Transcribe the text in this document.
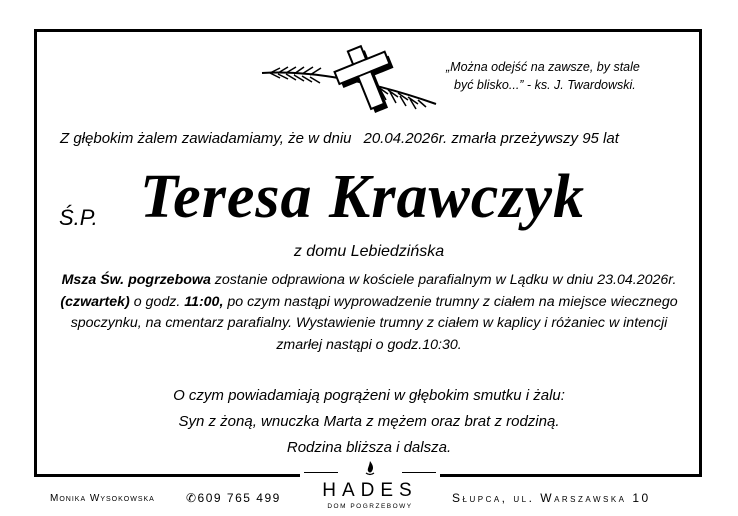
„Można odejść na zawsze, by stale
być blisko...” - ks. J. Twardowski.
Z głębokim żalem zawiadamiamy, że w dniu 20.04.2026r. zmarła przeżywszy 95 lat
Ś.P. Teresa Krawczyk
z domu Lebiedzińska
Msza Św. pogrzebowa zostanie odprawiona w kościele parafialnym w Lądku w dniu 23.04.2026r. (czwartek) o godz. 11:00, po czym nastąpi wyprowadzenie trumny z ciałem na miejsce wiecznego spoczynku, na cmentarz parafialny. Wystawienie trumny z ciałem w kaplicy i różaniec w intencji zmarłej nastąpi o godz.10:30.
O czym powiadamiają pogrążeni w głębokim smutku i żalu:
Syn z żoną, wnuczka Marta z mężem oraz brat z rodziną.
Rodzina bliższa i dalsza.
Monika Wysokowska	✆609 765 499	Słupca, ul. Warszawska 10
HADES
DOM POGRZEBOWY
